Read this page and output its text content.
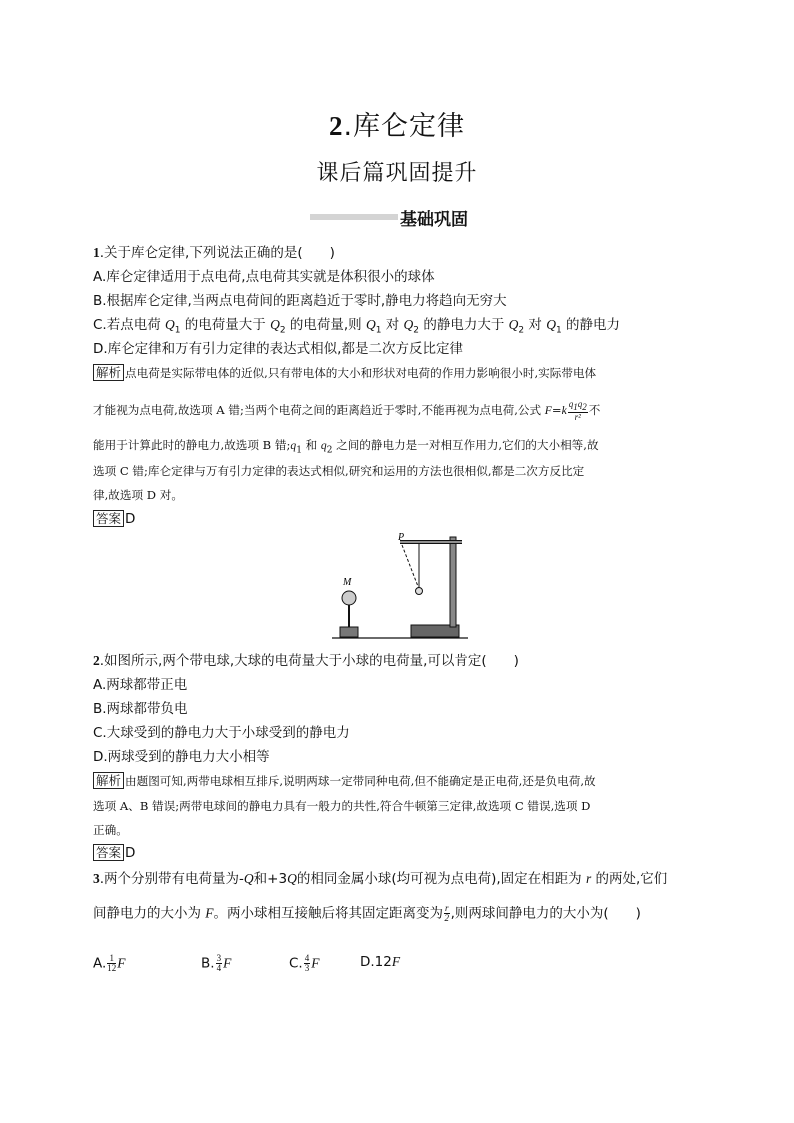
2.库仑定律
课后篇巩固提升
基础巩固
1.关于库仑定律,下列说法正确的是(　　)
A.库仑定律适用于点电荷,点电荷其实就是体积很小的球体
B.根据库仑定律,当两点电荷间的距离趋近于零时,静电力将趋向无穷大
C.若点电荷 $Q_1$ 的电荷量大于 $Q_2$ 的电荷量,则 $Q_1$ 对 $Q_2$ 的静电力大于 $Q_2$ 对 $Q_1$ 的静电力
D.库仑定律和万有引力定律的表达式相似,都是二次方反比定律
解析 点电荷是实际带电体的近似,只有带电体的大小和形状对电荷的作用力影响很小时,实际带电体
才能视为点电荷,故选项 A 错;当两个电荷之间的距离趋近于零时,不能再视为点电荷,公式 $F=k \frac{q_1q_2}{\text{r²}}$ 不
能用于计算此时的静电力,故选项 B 错$;q_1$ 和 $q_2$ 之间的静电力是一对相互作用力,它们的大小相等,故
选项 C 错;库仑定律与万有引力定律的表达式相似,研究和运用的方法也很相似,都是二次方反比定
律,故选项 D 对。
答案 D
P
M
2.如图所示,两个带电球,大球的电荷量大于小球的电荷量,可以肯定(　　)
A.两球都带正电
B.两球都带负电
C.大球受到的静电力大于小球受到的静电力
D.两球受到的静电力大小相等
解析 由题图可知,两带电球相互排斥,说明两球一定带同种电荷,但不能确定是正电荷,还是负电荷,故
选项 A、B 错误;两带电球间的静电力具有一般力的共性,符合牛顿第三定律,故选项 C 错误,选项 D
正确。
答案 D
3.两个分别带有电荷量为-Q和+3Q的相同金属小球(均可视为点电荷),固定在相距为 r 的两处,它们
间静电力的大小为 F。两小球相互接触后将其固定距离变为 $\frac{r}{2}$ ,则两球间静电力的大小为(　　)
A. $\frac{1}{12}$ F	B. $\frac{3}{4}$ F	C. $\frac{4}{3}$ F	D.12F
